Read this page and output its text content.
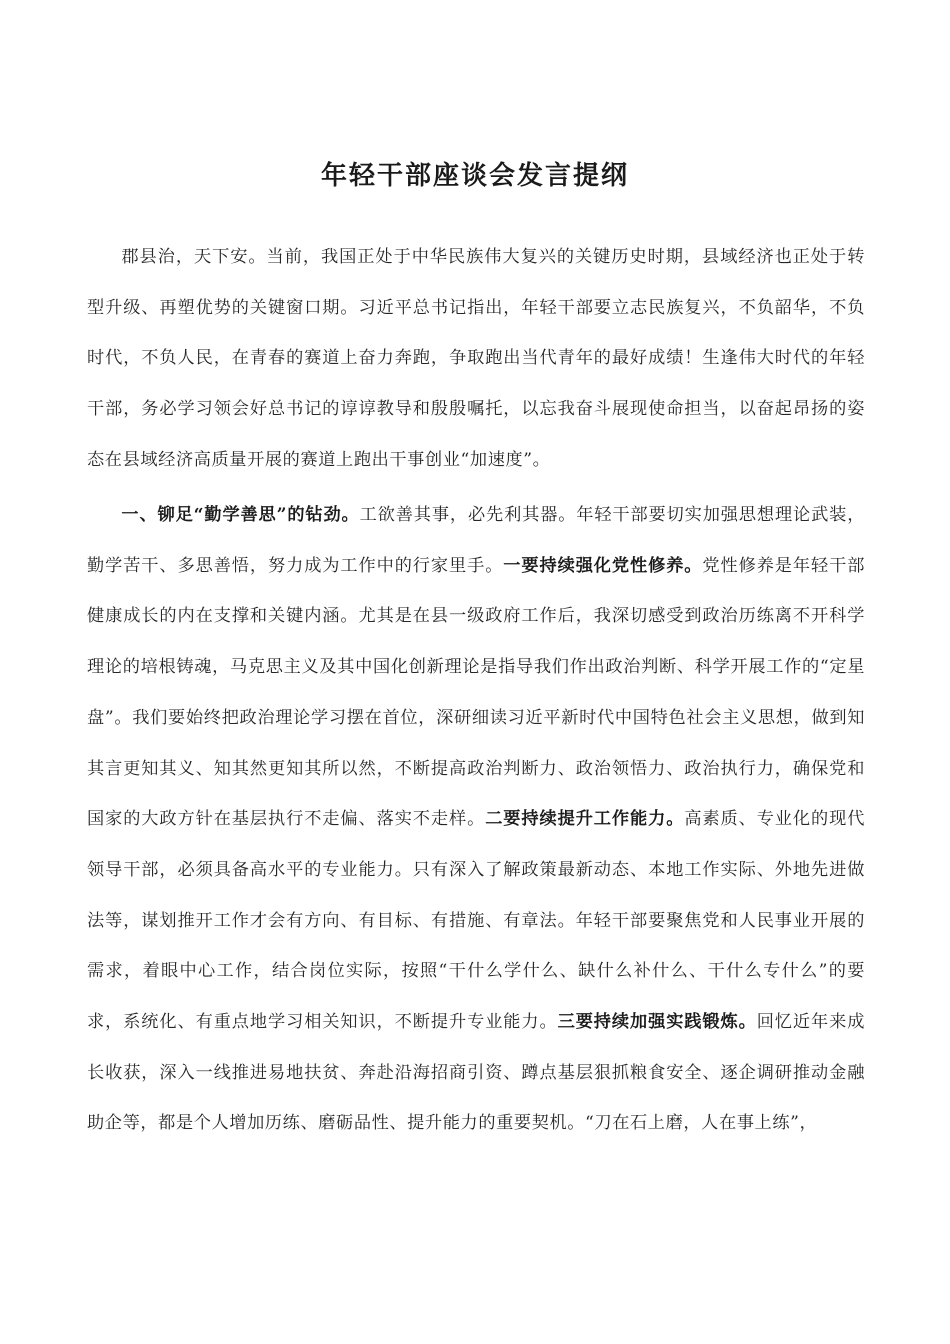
年轻干部座谈会发言提纲

郡县治，天下安。当前，我国正处于中华民族伟大复兴的关键历史时期，县域经济也正处于转型升级、再塑优势的关键窗口期。习近平总书记指出，年轻干部要立志民族复兴，不负韶华，不负时代，不负人民，在青春的赛道上奋力奔跑，争取跑出当代青年的最好成绩！生逢伟大时代的年轻干部，务必学习领会好总书记的谆谆教导和殷殷嘱托，以忘我奋斗展现使命担当，以奋起昂扬的姿态在县域经济高质量开展的赛道上跑出干事创业“加速度”。

一、铆足“勤学善思”的钻劲。工欲善其事，必先利其器。年轻干部要切实加强思想理论武装，勤学苦干、多思善悟，努力成为工作中的行家里手。一要持续强化党性修养。党性修养是年轻干部健康成长的内在支撑和关键内涵。尤其是在县一级政府工作后，我深切感受到政治历练离不开科学理论的培根铸魂，马克思主义及其中国化创新理论是指导我们作出政治判断、科学开展工作的“定星盘”。我们要始终把政治理论学习摆在首位，深研细读习近平新时代中国特色社会主义思想，做到知其言更知其义、知其然更知其所以然，不断提高政治判断力、政治领悟力、政治执行力，确保党和国家的大政方针在基层执行不走偏、落实不走样。二要持续提升工作能力。高素质、专业化的现代领导干部，必须具备高水平的专业能力。只有深入了解政策最新动态、本地工作实际、外地先进做法等，谋划推开工作才会有方向、有目标、有措施、有章法。年轻干部要聚焦党和人民事业开展的需求，着眼中心工作，结合岗位实际，按照“干什么学什么、缺什么补什么、干什么专什么”的要求，系统化、有重点地学习相关知识，不断提升专业能力。三要持续加强实践锻炼。回忆近年来成长收获，深入一线推进易地扶贫、奔赴沿海招商引资、蹲点基层狠抓粮食安全、逐企调研推动金融助企等，都是个人增加历练、磨砺品性、提升能力的重要契机。“刀在石上磨，人在事上练”，
